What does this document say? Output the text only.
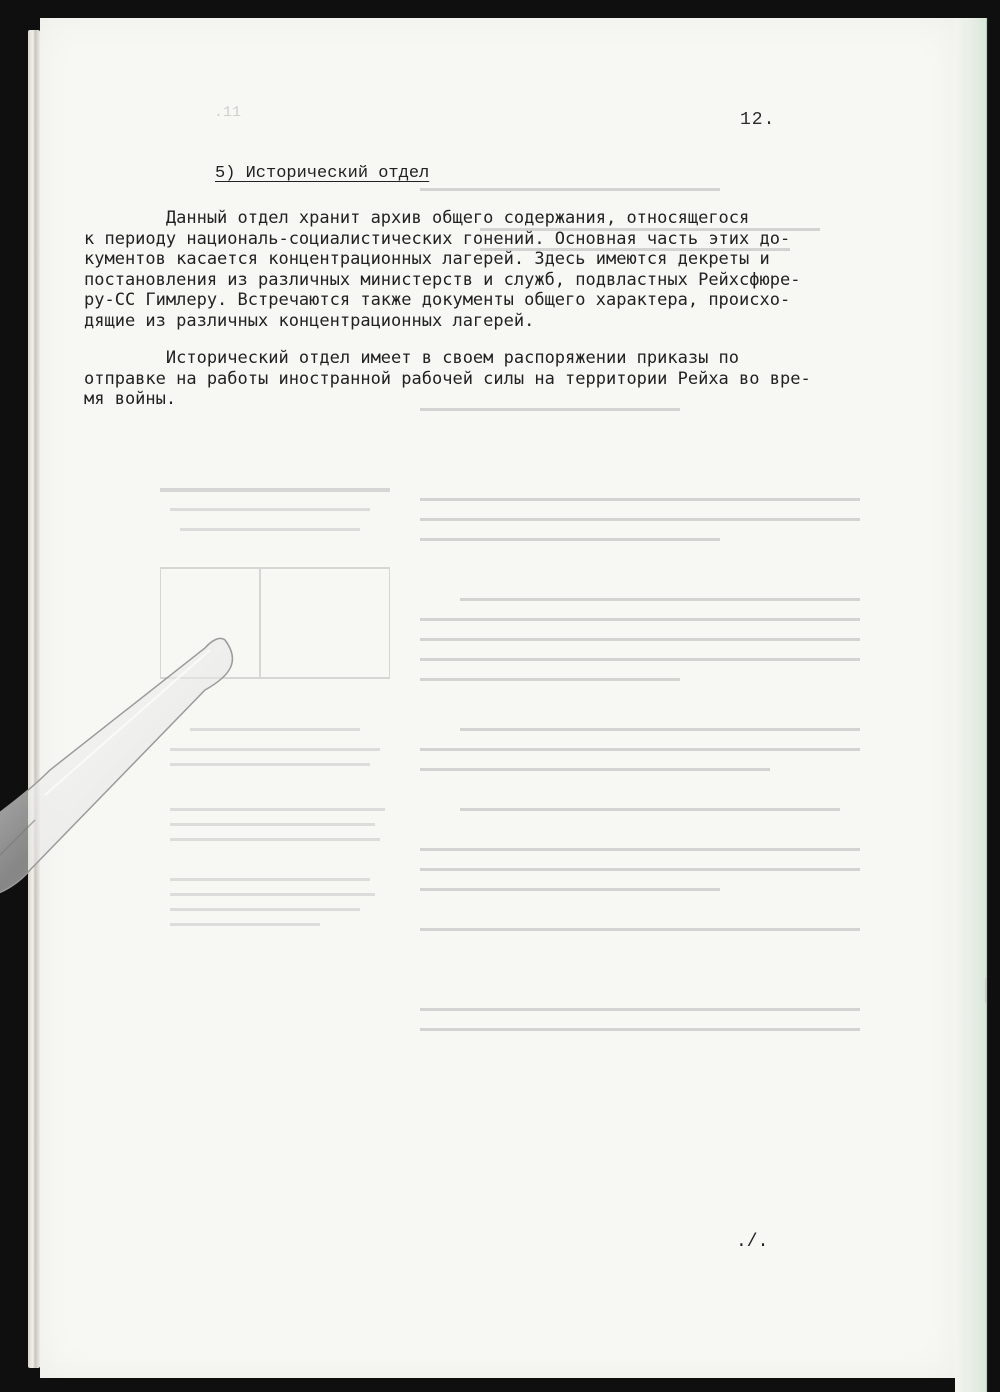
.11	12.
5) Исторический отдел
Данный отдел хранит архив общего содержания, относящегося
к периоду националь-социалистических гонений. Основная часть этих до-
кументов касается концентрационных лагерей. Здесь имеются декреты и
постановления из различных министерств и служб, подвластных Рейхсфюре-
ру-СС Гимлеру. Встречаются также документы общего характера, происхо-
дящие из различных концентрационных лагерей.
Исторический отдел имеет в своем распоряжении приказы по
отправке на работы иностранной рабочей силы на территории Рейха во вре-
мя войны.
./.
